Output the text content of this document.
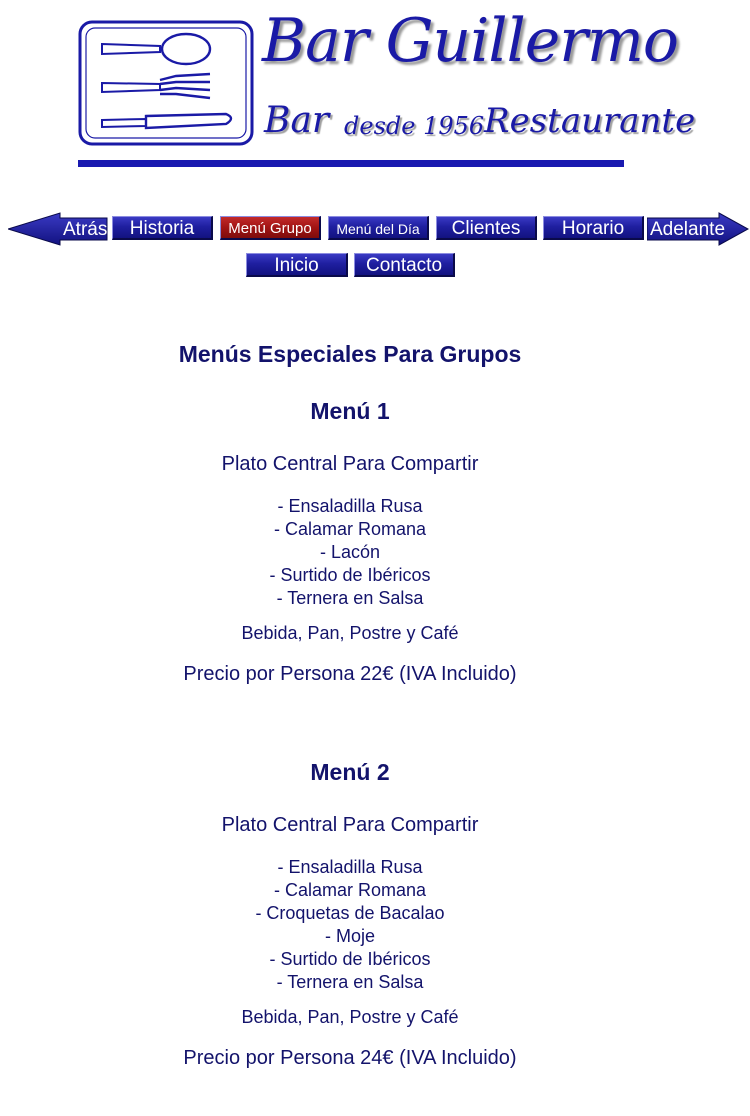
Bar Guillermo
Bar desde 1956 Restaurante
Atrás	Historia	Menú Grupo	Menú del Día	Clientes	Horario	Adelante
Inicio	Contacto
Menús Especiales Para Grupos
Menú 1
Plato Central Para Compartir
- Ensaladilla Rusa
- Calamar Romana
- Lacón
- Surtido de Ibéricos
- Ternera en Salsa
Bebida, Pan, Postre y Café
Precio por Persona 22€ (IVA Incluido)
Menú 2
Plato Central Para Compartir
- Ensaladilla Rusa
- Calamar Romana
- Croquetas de Bacalao
- Moje
- Surtido de Ibéricos
- Ternera en Salsa
Bebida, Pan, Postre y Café
Precio por Persona 24€ (IVA Incluido)
